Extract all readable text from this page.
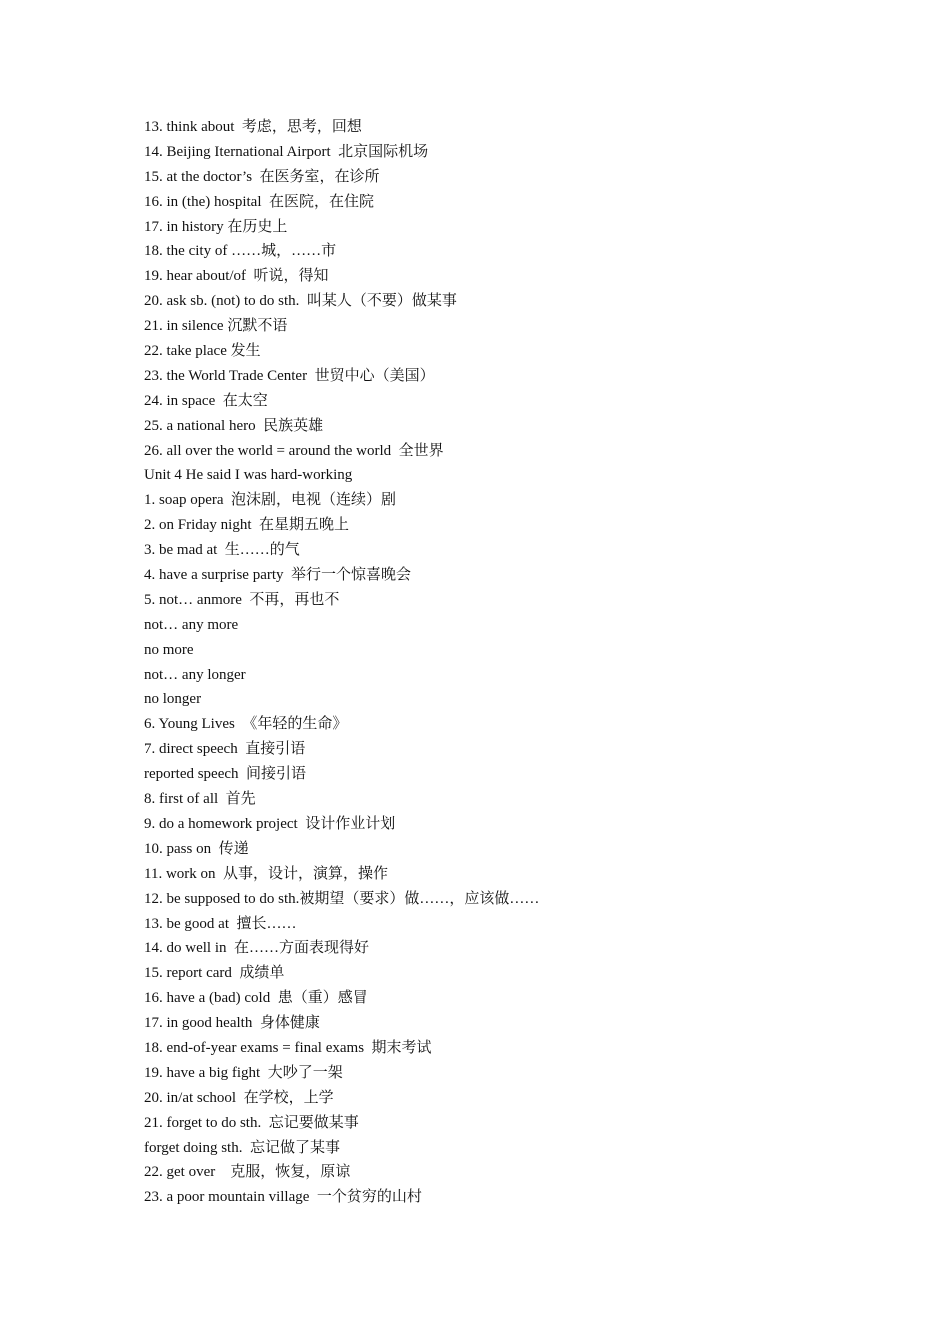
13. think about  考虑，思考，回想
14. Beijing Iternational Airport  北京国际机场
15. at the doctor’s  在医务室，在诊所
16. in (the) hospital  在医院，在住院
17. in history 在历史上
18. the city of ……城，……市
19. hear about/of  听说，得知
20. ask sb. (not) to do sth.  叫某人（不要）做某事
21. in silence 沉默不语
22. take place 发生
23. the World Trade Center  世贸中心（美国）
24. in space  在太空
25. a national hero  民族英雄
26. all over the world = around the world  全世界
Unit 4 He said I was hard-working
1. soap opera  泡沫剧，电视（连续）剧
2. on Friday night  在星期五晚上
3. be mad at  生……的气
4. have a surprise party  举行一个惊喜晚会
5. not… anmore  不再，再也不
not… any more
no more
not… any longer
no longer
6. Young Lives  《年轻的生命》
7. direct speech  直接引语
reported speech  间接引语
8. first of all  首先
9. do a homework project  设计作业计划
10. pass on  传递
11. work on  从事，设计，演算，操作
12. be supposed to do sth.被期望（要求）做……，应该做……
13. be good at  擅长……
14. do well in  在……方面表现得好
15. report card  成绩单
16. have a (bad) cold  患（重）感冒
17. in good health  身体健康
18. end-of-year exams = final exams  期末考试
19. have a big fight  大吵了一架
20. in/at school  在学校，上学
21. forget to do sth.  忘记要做某事
forget doing sth.  忘记做了某事
22. get over    克服，恢复，原谅
23. a poor mountain village  一个贫穷的山村
